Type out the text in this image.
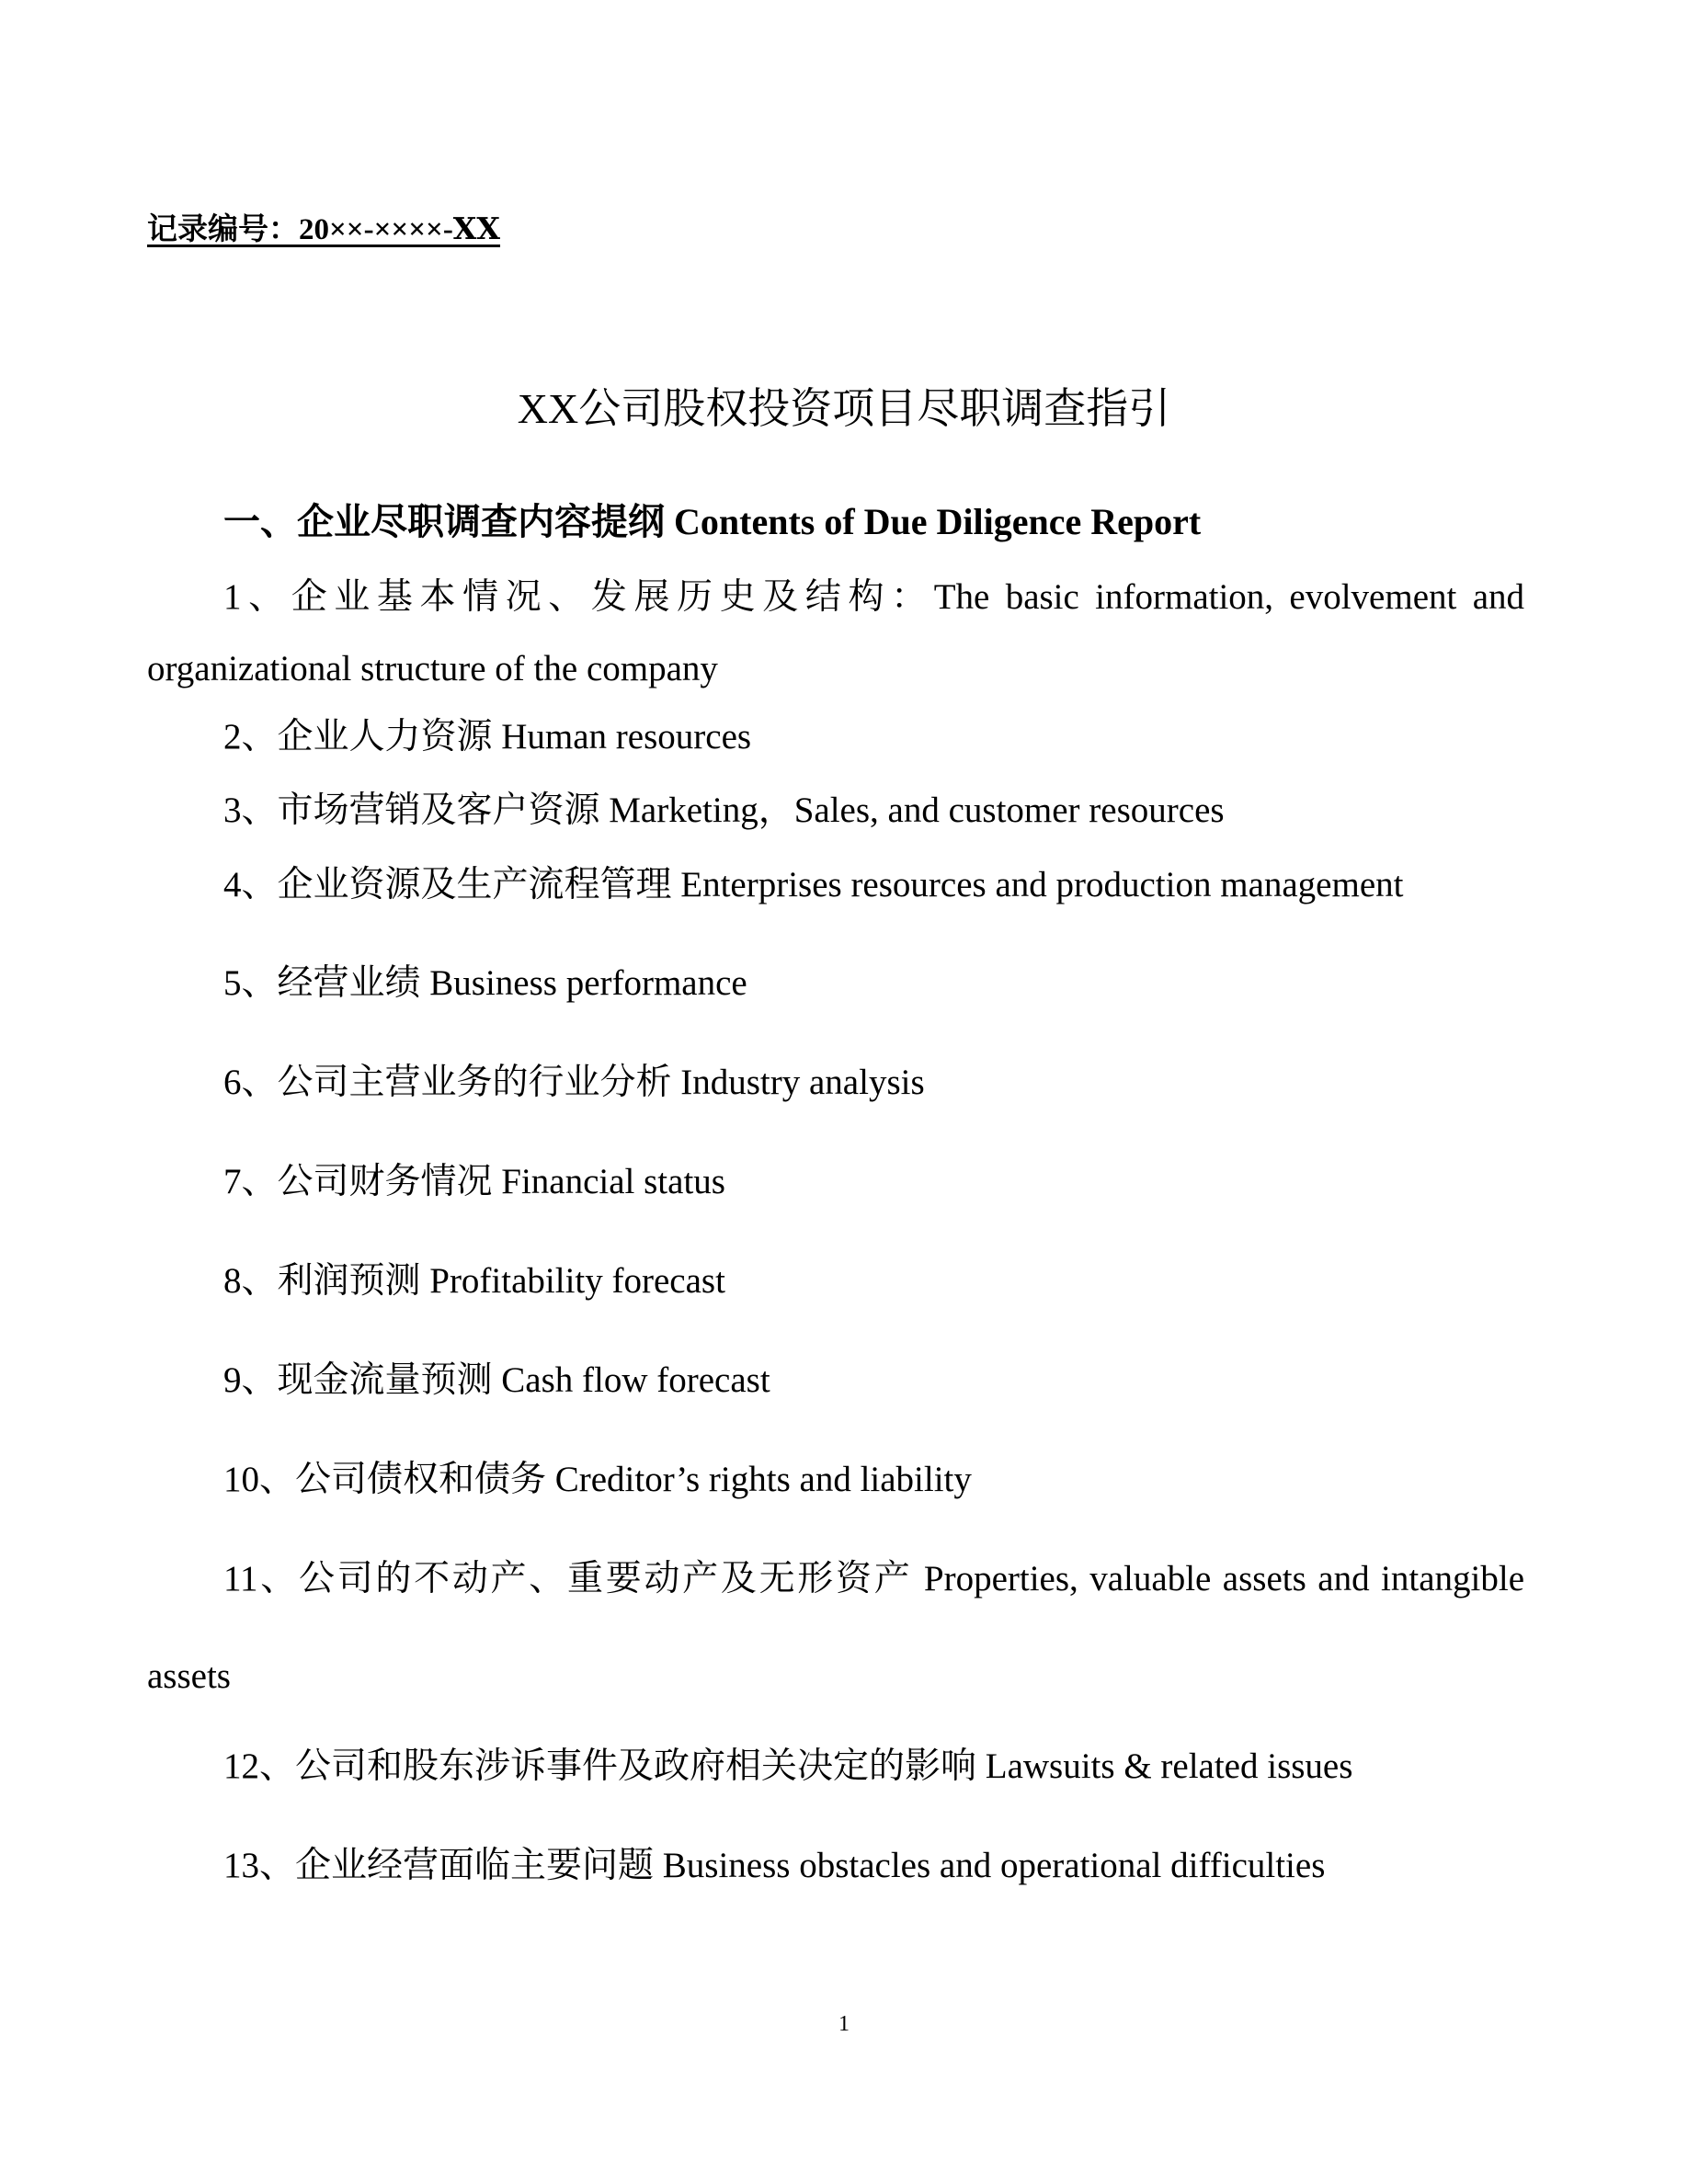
记录编号：20××-××××-ⅩⅩ
XX公司股权投资项目尽职调查指引
一、企业尽职调查内容提纲 Contents of Due Diligence Report
1、企业基本情况、发展历史及结构：The basic information, evolvement and
organizational structure of the company
2、企业人力资源 Human resources
3、市场营销及客户资源 Marketing，Sales, and customer resources
4、企业资源及生产流程管理 Enterprises resources and production management
5、经营业绩 Business performance
6、公司主营业务的行业分析 Industry analysis
7、公司财务情况 Financial status
8、利润预测 Profitability forecast
9、现金流量预测 Cash flow forecast
10、公司债权和债务 Creditor’s rights and liability
11、公司的不动产、重要动产及无形资产 Properties, valuable assets and intangible
assets
12、公司和股东涉诉事件及政府相关决定的影响 Lawsuits & related issues
13、企业经营面临主要问题 Business obstacles and operational difficulties
1
